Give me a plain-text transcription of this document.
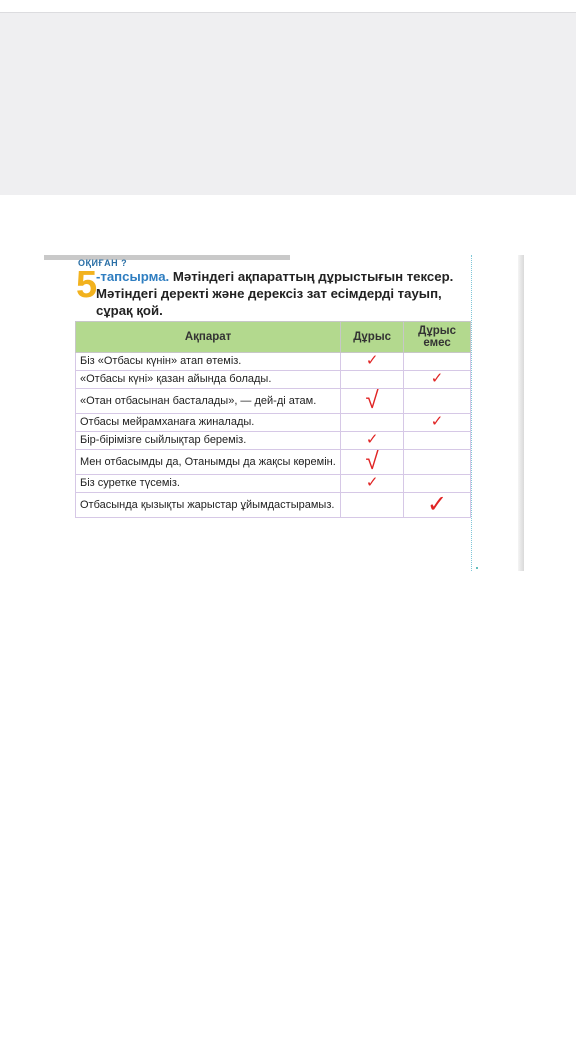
ОҚИҒАН ?
5
-тапсырма. Мәтіндегі ақпараттың дұрыстығын тексер. Мәтіндегі деректі және дерексіз зат есімдерді тауып, сұрақ қой.
Ақпарат	Дұрыс	Дұрыс емес
Біз «Отбасы күнін» атап өтеміз.	✓	
«Отбасы күні» қазан айында болады.		✓
«Отан отбасынан басталады», — дей-ді атам.	√	
Отбасы мейрамханаға жиналады.		✓
Бір-бірімізге сыйлықтар береміз.	✓	
Мен отбасымды да, Отанымды да жақсы көремін.	√	
Біз суретке түсеміз.	✓	
Отбасында қызықты жарыстар ұйымдастырамыз.		✓
